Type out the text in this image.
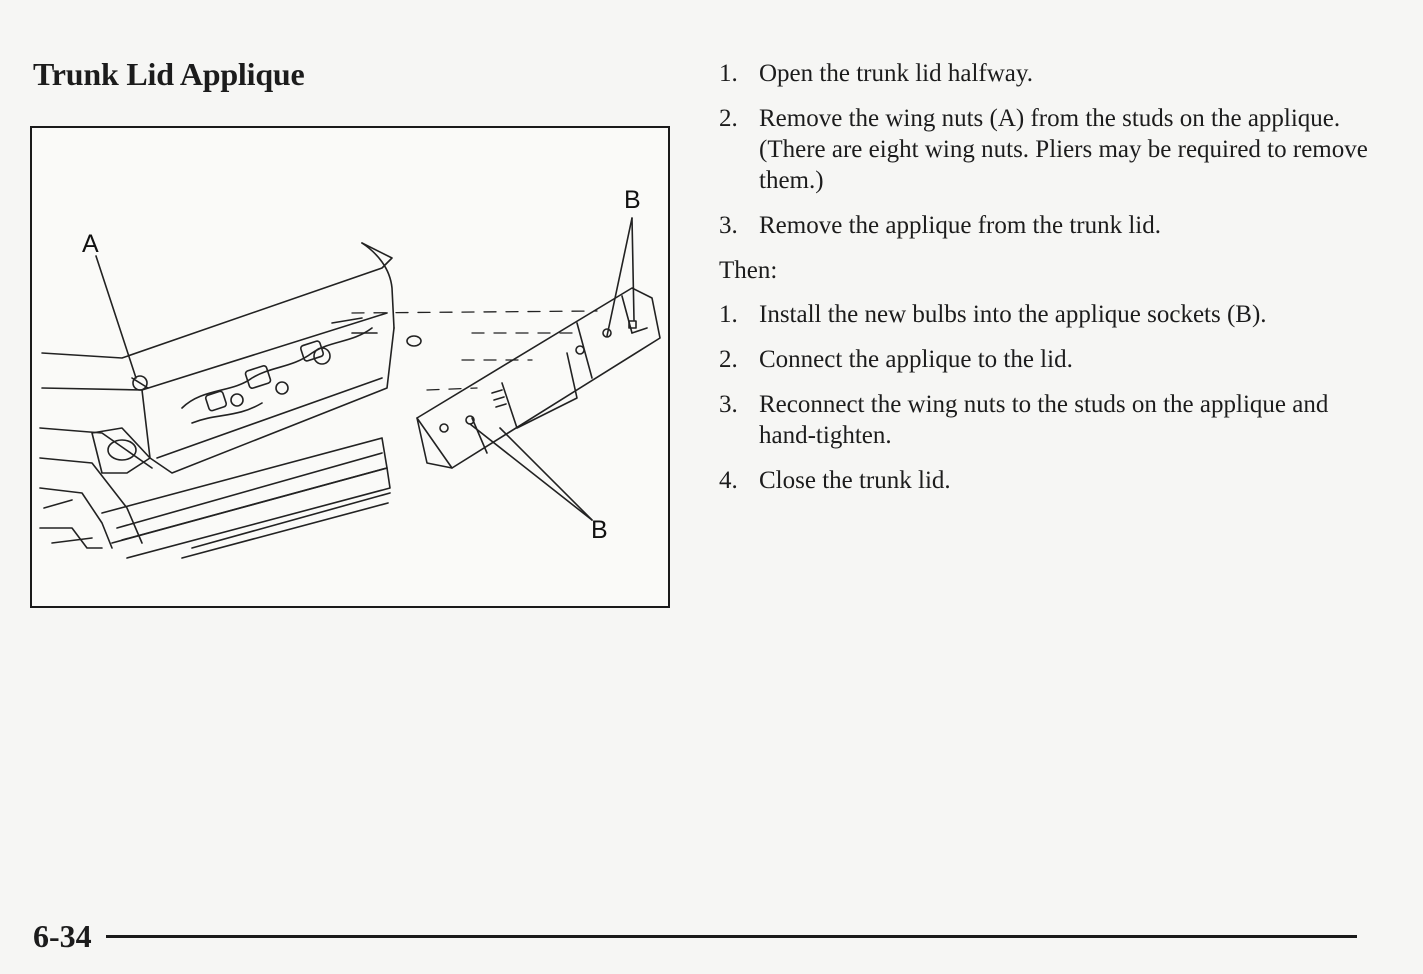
Trunk Lid Applique
A
B
B
1. Open the trunk lid halfway.
2. Remove the wing nuts (A) from the studs on the applique. (There are eight wing nuts. Pliers may be required to remove them.)
3. Remove the applique from the trunk lid.
Then:
1. Install the new bulbs into the applique sockets (B).
2. Connect the applique to the lid.
3. Reconnect the wing nuts to the studs on the applique and hand-tighten.
4. Close the trunk lid.
6-34
